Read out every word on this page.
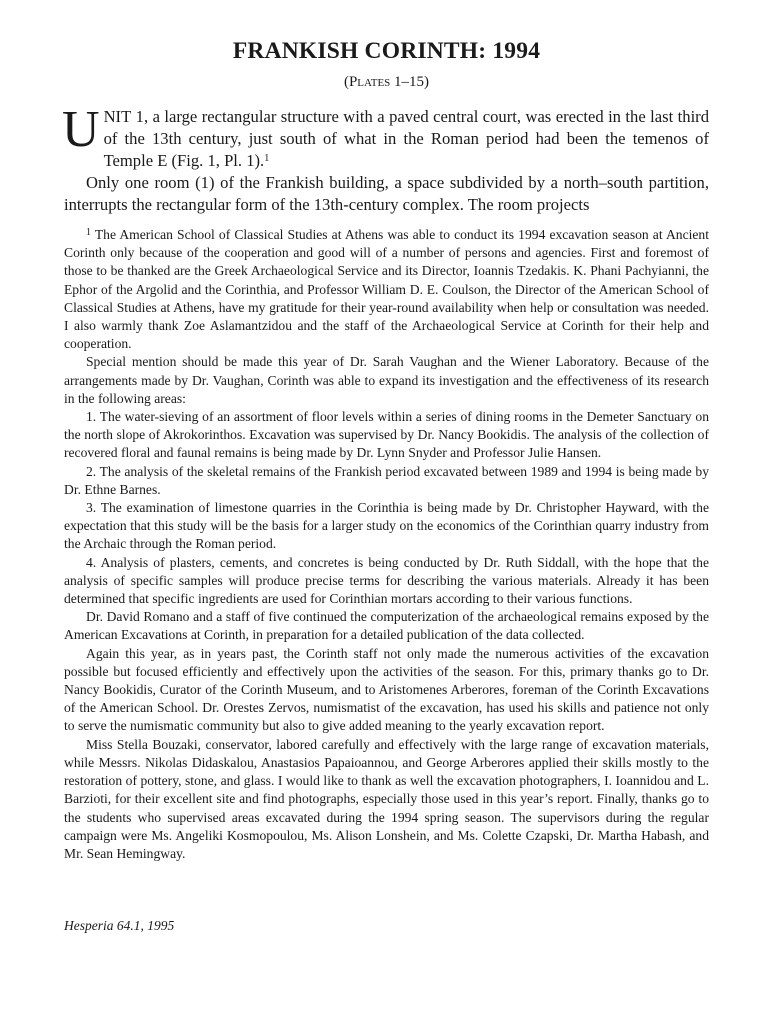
FRANKISH CORINTH: 1994
(Plates 1–15)

UNIT 1, a large rectangular structure with a paved central court, was erected in the last third of the 13th century, just south of what in the Roman period had been the temenos of Temple E (Fig. 1, Pl. 1).$^1$

Only one room (1) of the Frankish building, a space subdivided by a north–south partition, interrupts the rectangular form of the 13th-century complex. The room projects

$^1$ The American School of Classical Studies at Athens was able to conduct its 1994 excavation season at Ancient Corinth only because of the cooperation and good will of a number of persons and agencies. First and foremost of those to be thanked are the Greek Archaeological Service and its Director, Ioannis Tzedakis. K. Phani Pachyianni, the Ephor of the Argolid and the Corinthia, and Professor William D. E. Coulson, the Director of the American School of Classical Studies at Athens, have my gratitude for their year-round availability when help or consultation was needed. I also warmly thank Zoe Aslamantzidou and the staff of the Archaeological Service at Corinth for their help and cooperation.

Special mention should be made this year of Dr. Sarah Vaughan and the Wiener Laboratory. Because of the arrangements made by Dr. Vaughan, Corinth was able to expand its investigation and the effectiveness of its research in the following areas:

1. The water-sieving of an assortment of floor levels within a series of dining rooms in the Demeter Sanctuary on the north slope of Akrokorinthos. Excavation was supervised by Dr. Nancy Bookidis. The analysis of the collection of recovered floral and faunal remains is being made by Dr. Lynn Snyder and Professor Julie Hansen.

2. The analysis of the skeletal remains of the Frankish period excavated between 1989 and 1994 is being made by Dr. Ethne Barnes.

3. The examination of limestone quarries in the Corinthia is being made by Dr. Christopher Hayward, with the expectation that this study will be the basis for a larger study on the economics of the Corinthian quarry industry from the Archaic through the Roman period.

4. Analysis of plasters, cements, and concretes is being conducted by Dr. Ruth Siddall, with the hope that the analysis of specific samples will produce precise terms for describing the various materials. Already it has been determined that specific ingredients are used for Corinthian mortars according to their various functions.

Dr. David Romano and a staff of five continued the computerization of the archaeological remains exposed by the American Excavations at Corinth, in preparation for a detailed publication of the data collected.

Again this year, as in years past, the Corinth staff not only made the numerous activities of the excavation possible but focused efficiently and effectively upon the activities of the season. For this, primary thanks go to Dr. Nancy Bookidis, Curator of the Corinth Museum, and to Aristomenes Arberores, foreman of the Corinth Excavations of the American School. Dr. Orestes Zervos, numismatist of the excavation, has used his skills and patience not only to serve the numismatic community but also to give added meaning to the yearly excavation report.

Miss Stella Bouzaki, conservator, labored carefully and effectively with the large range of excavation materials, while Messrs. Nikolas Didaskalou, Anastasios Papaioannou, and George Arberores applied their skills mostly to the restoration of pottery, stone, and glass. I would like to thank as well the excavation photographers, I. Ioannidou and L. Barzioti, for their excellent site and find photographs, especially those used in this year’s report. Finally, thanks go to the students who supervised areas excavated during the 1994 spring season. The supervisors during the regular campaign were Ms. Angeliki Kosmopoulou, Ms. Alison Lonshein, and Ms. Colette Czapski, Dr. Martha Habash, and Mr. Sean Hemingway.

Hesperia 64.1, 1995
